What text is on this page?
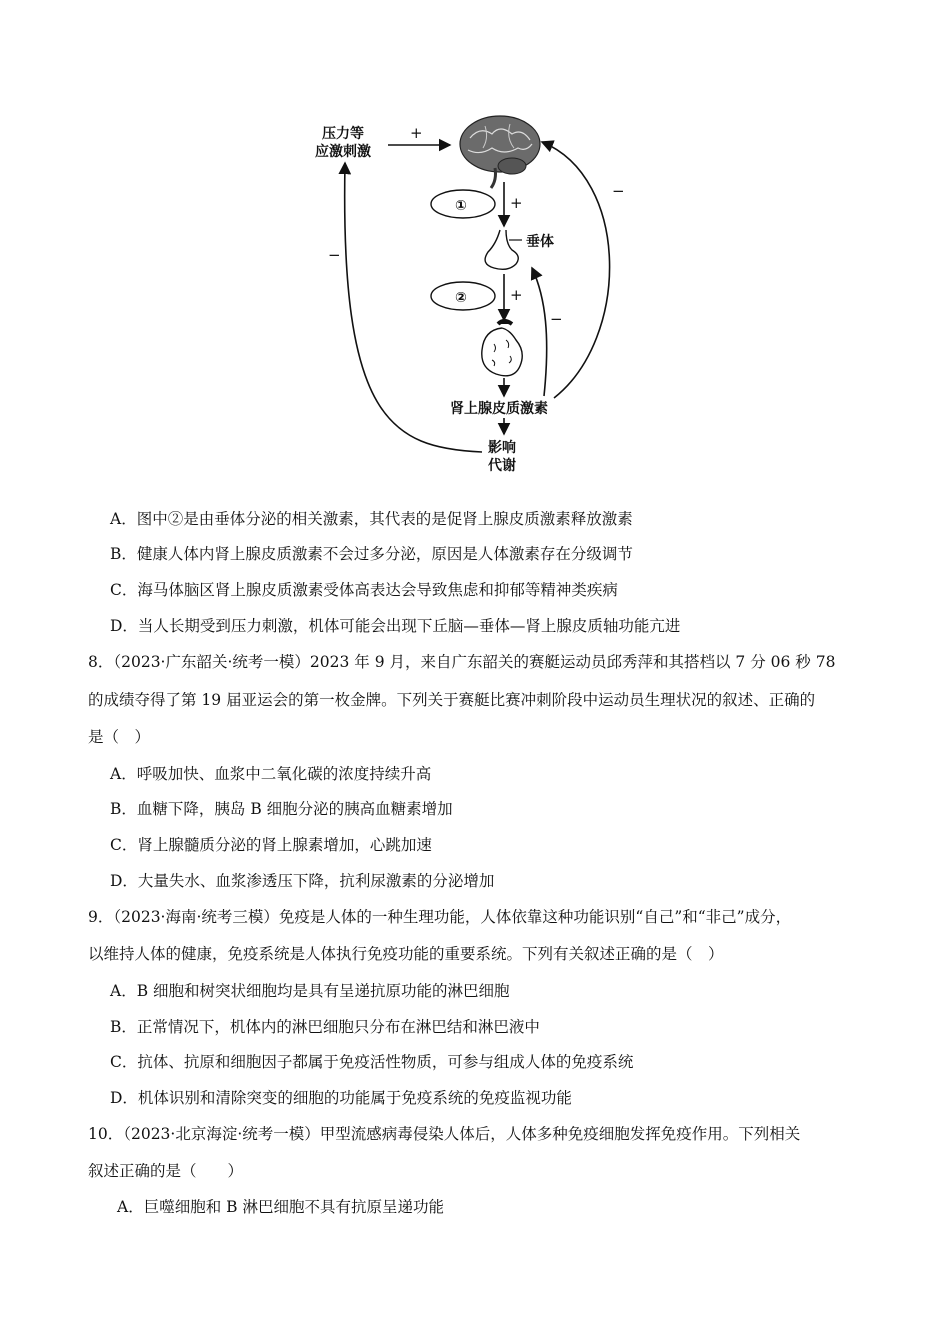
压力等
应激刺激
+
①	+
垂体
②	+
肾上腺皮质激素
影响
代谢
−
−
−
A．图中②是由垂体分泌的相关激素，其代表的是促肾上腺皮质激素释放激素
B．健康人体内肾上腺皮质激素不会过多分泌，原因是人体激素存在分级调节
C．海马体脑区肾上腺皮质激素受体高表达会导致焦虑和抑郁等精神类疾病
D．当人长期受到压力刺激，机体可能会出现下丘脑—垂体—肾上腺皮质轴功能亢进
8．（2023·广东韶关·统考一模）2023 年 9 月，来自广东韶关的赛艇运动员邱秀萍和其搭档以 7 分 06 秒 78
的成绩夺得了第 19 届亚运会的第一枚金牌。下列关于赛艇比赛冲刺阶段中运动员生理状况的叙述、正确的
是（　）
A．呼吸加快、血浆中二氧化碳的浓度持续升高
B．血糖下降，胰岛 B 细胞分泌的胰高血糖素增加
C．肾上腺髓质分泌的肾上腺素增加，心跳加速
D．大量失水、血浆渗透压下降，抗利尿激素的分泌增加
9．（2023·海南·统考三模）免疫是人体的一种生理功能，人体依靠这种功能识别“自己”和“非己”成分，
以维持人体的健康，免疫系统是人体执行免疫功能的重要系统。下列有关叙述正确的是（　）
A．B 细胞和树突状细胞均是具有呈递抗原功能的淋巴细胞
B．正常情况下，机体内的淋巴细胞只分布在淋巴结和淋巴液中
C．抗体、抗原和细胞因子都属于免疫活性物质，可参与组成人体的免疫系统
D．机体识别和清除突变的细胞的功能属于免疫系统的免疫监视功能
10．（2023·北京海淀·统考一模）甲型流感病毒侵染人体后，人体多种免疫细胞发挥免疫作用。下列相关
叙述正确的是（　　）
A．巨噬细胞和 B 淋巴细胞不具有抗原呈递功能
